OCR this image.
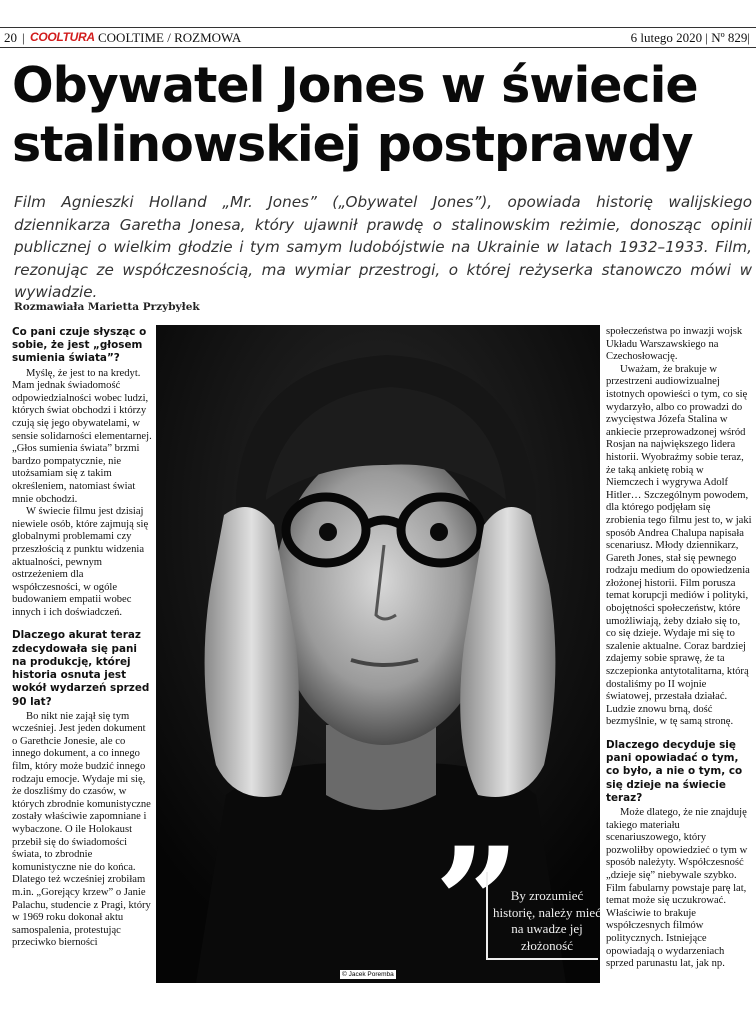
20 | COOLTURA COOLTIME / ROZMOWA	6 lutego 2020 | Nº 829|
Obywatel Jones w świecie
stalinowskiej postprawdy
Film Agnieszki Holland „Mr. Jones” („Obywatel Jones”), opowiada historię walijskiego dziennikarza Garetha Jonesa, który ujawnił prawdę o stalinowskim reżimie, donosząc opinii publicznej o wielkim głodzie i tym samym ludobójstwie na Ukrainie w latach 1932–1933. Film, rezonując ze współczesnością, ma wymiar przestrogi, o której reżyserka stanowczo mówi w wywiadzie.
Rozmawiała Marietta Przybyłek
Co pani czuje słysząc o sobie, że jest „głosem sumienia świata”?

Myślę, że jest to na kredyt. Mam jednak świadomość odpowiedzialności wobec ludzi, których świat obchodzi i którzy czują się jego obywatelami, w sensie solidarności elementarnej. „Głos sumienia świata” brzmi bardzo pompatycznie, nie utożsamiam się z takim określeniem, natomiast świat mnie obchodzi.

W świecie filmu jest dzisiaj niewiele osób, które zajmują się globalnymi problemami czy przeszłością z punktu widzenia aktualności, pewnym ostrzeżeniem dla współczesności, w ogóle budowaniem empatii wobec innych i ich doświadczeń.

Dlaczego akurat teraz zdecydowała się pani na produkcję, której historia osnuta jest wokół wydarzeń sprzed 90 lat?

Bo nikt nie zajął się tym wcześniej. Jest jeden dokument o Garethcie Jonesie, ale co innego dokument, a co innego film, który może budzić innego rodzaju emocje. Wydaje mi się, że doszliśmy do czasów, w których zbrodnie komunistyczne zostały właściwie zapomniane i wybaczone. O ile Holokaust przebił się do świadomości świata, to zbrodnie komunistyczne nie do końca. Dlatego też wcześniej zrobiłam m.in. „Gorejący krzew” o Janie Palachu, studencie z Pragi, który w 1969 roku dokonał aktu samospalenia, protestując przeciwko bierności

By zrozumieć historię, należy mieć na uwadze jej złożoność
© Jacek Poremba

społeczeństwa po inwazji wojsk Układu Warszawskiego na Czechosłowację.

Uważam, że brakuje w przestrzeni audiowizualnej istotnych opowieści o tym, co się wydarzyło, albo co prowadzi do zwycięstwa Józefa Stalina w ankiecie przeprowadzonej wśród Rosjan na największego lidera historii. Wyobraźmy sobie teraz, że taką ankietę robią w Niemczech i wygrywa Adolf Hitler… Szczególnym powodem, dla którego podjęłam się zrobienia tego filmu jest to, w jaki sposób Andrea Chalupa napisała scenariusz. Młody dziennikarz, Gareth Jones, stał się pewnego rodzaju medium do opowiedzenia złożonej historii. Film porusza temat korupcji mediów i polityki, obojętności społeczeństw, które umożliwiają, żeby działo się to, co się dzieje. Wydaje mi się to szalenie aktualne. Coraz bardziej zdajemy sobie sprawę, że ta szczepionka antytotalitarna, którą dostaliśmy po II wojnie światowej, przestała działać. Ludzie znowu brną, dość bezmyślnie, w tę samą stronę.

Dlaczego decyduje się pani opowiadać o tym, co było, a nie o tym, co się dzieje na świecie teraz?

Może dlatego, że nie znajduję takiego materiału scenariuszowego, który pozwoliłby opowiedzieć o tym w sposób należyty. Współczesność „dzieje się” niebywale szybko. Film fabularny powstaje parę lat, temat może się uczukrować. Właściwie to brakuje współczesnych filmów politycznych. Istniejące opowiadają o wydarzeniach sprzed parunastu lat, jak np.
